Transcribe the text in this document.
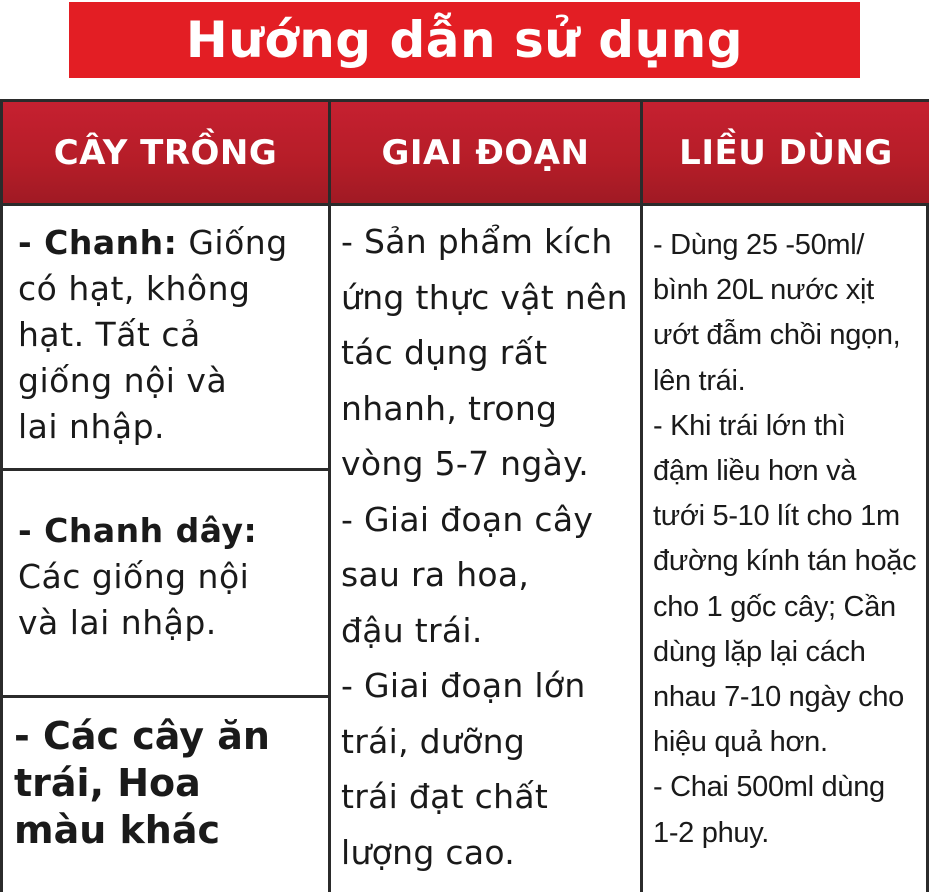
Hướng dẫn sử dụng
CÂY TRỒNG	GIAI ĐOẠN	LIỀU DÙNG
- Chanh: Giống
có hạt, không
hạt. Tất cả
giống nội và
lai nhập.
- Chanh dây:
Các giống nội
và lai nhập.
- Các cây ăn
trái, Hoa
màu khác
- Sản phẩm kích
ứng thực vật nên
tác dụng rất
nhanh, trong
vòng 5-7 ngày.
- Giai đoạn cây
sau ra hoa,
đậu trái.
- Giai đoạn lớn
trái, dưỡng
trái đạt chất
lượng cao.
- Dùng 25 -50ml/
bình 20L nước xịt
ướt đẫm chồi ngọn,
lên trái.
- Khi trái lớn thì
đậm liều hơn và
tưới 5-10 lít cho 1m
đường kính tán hoặc
cho 1 gốc cây; Cần
dùng lặp lại cách
nhau 7-10 ngày cho
hiệu quả hơn.
- Chai 500ml dùng
1-2 phuy.
